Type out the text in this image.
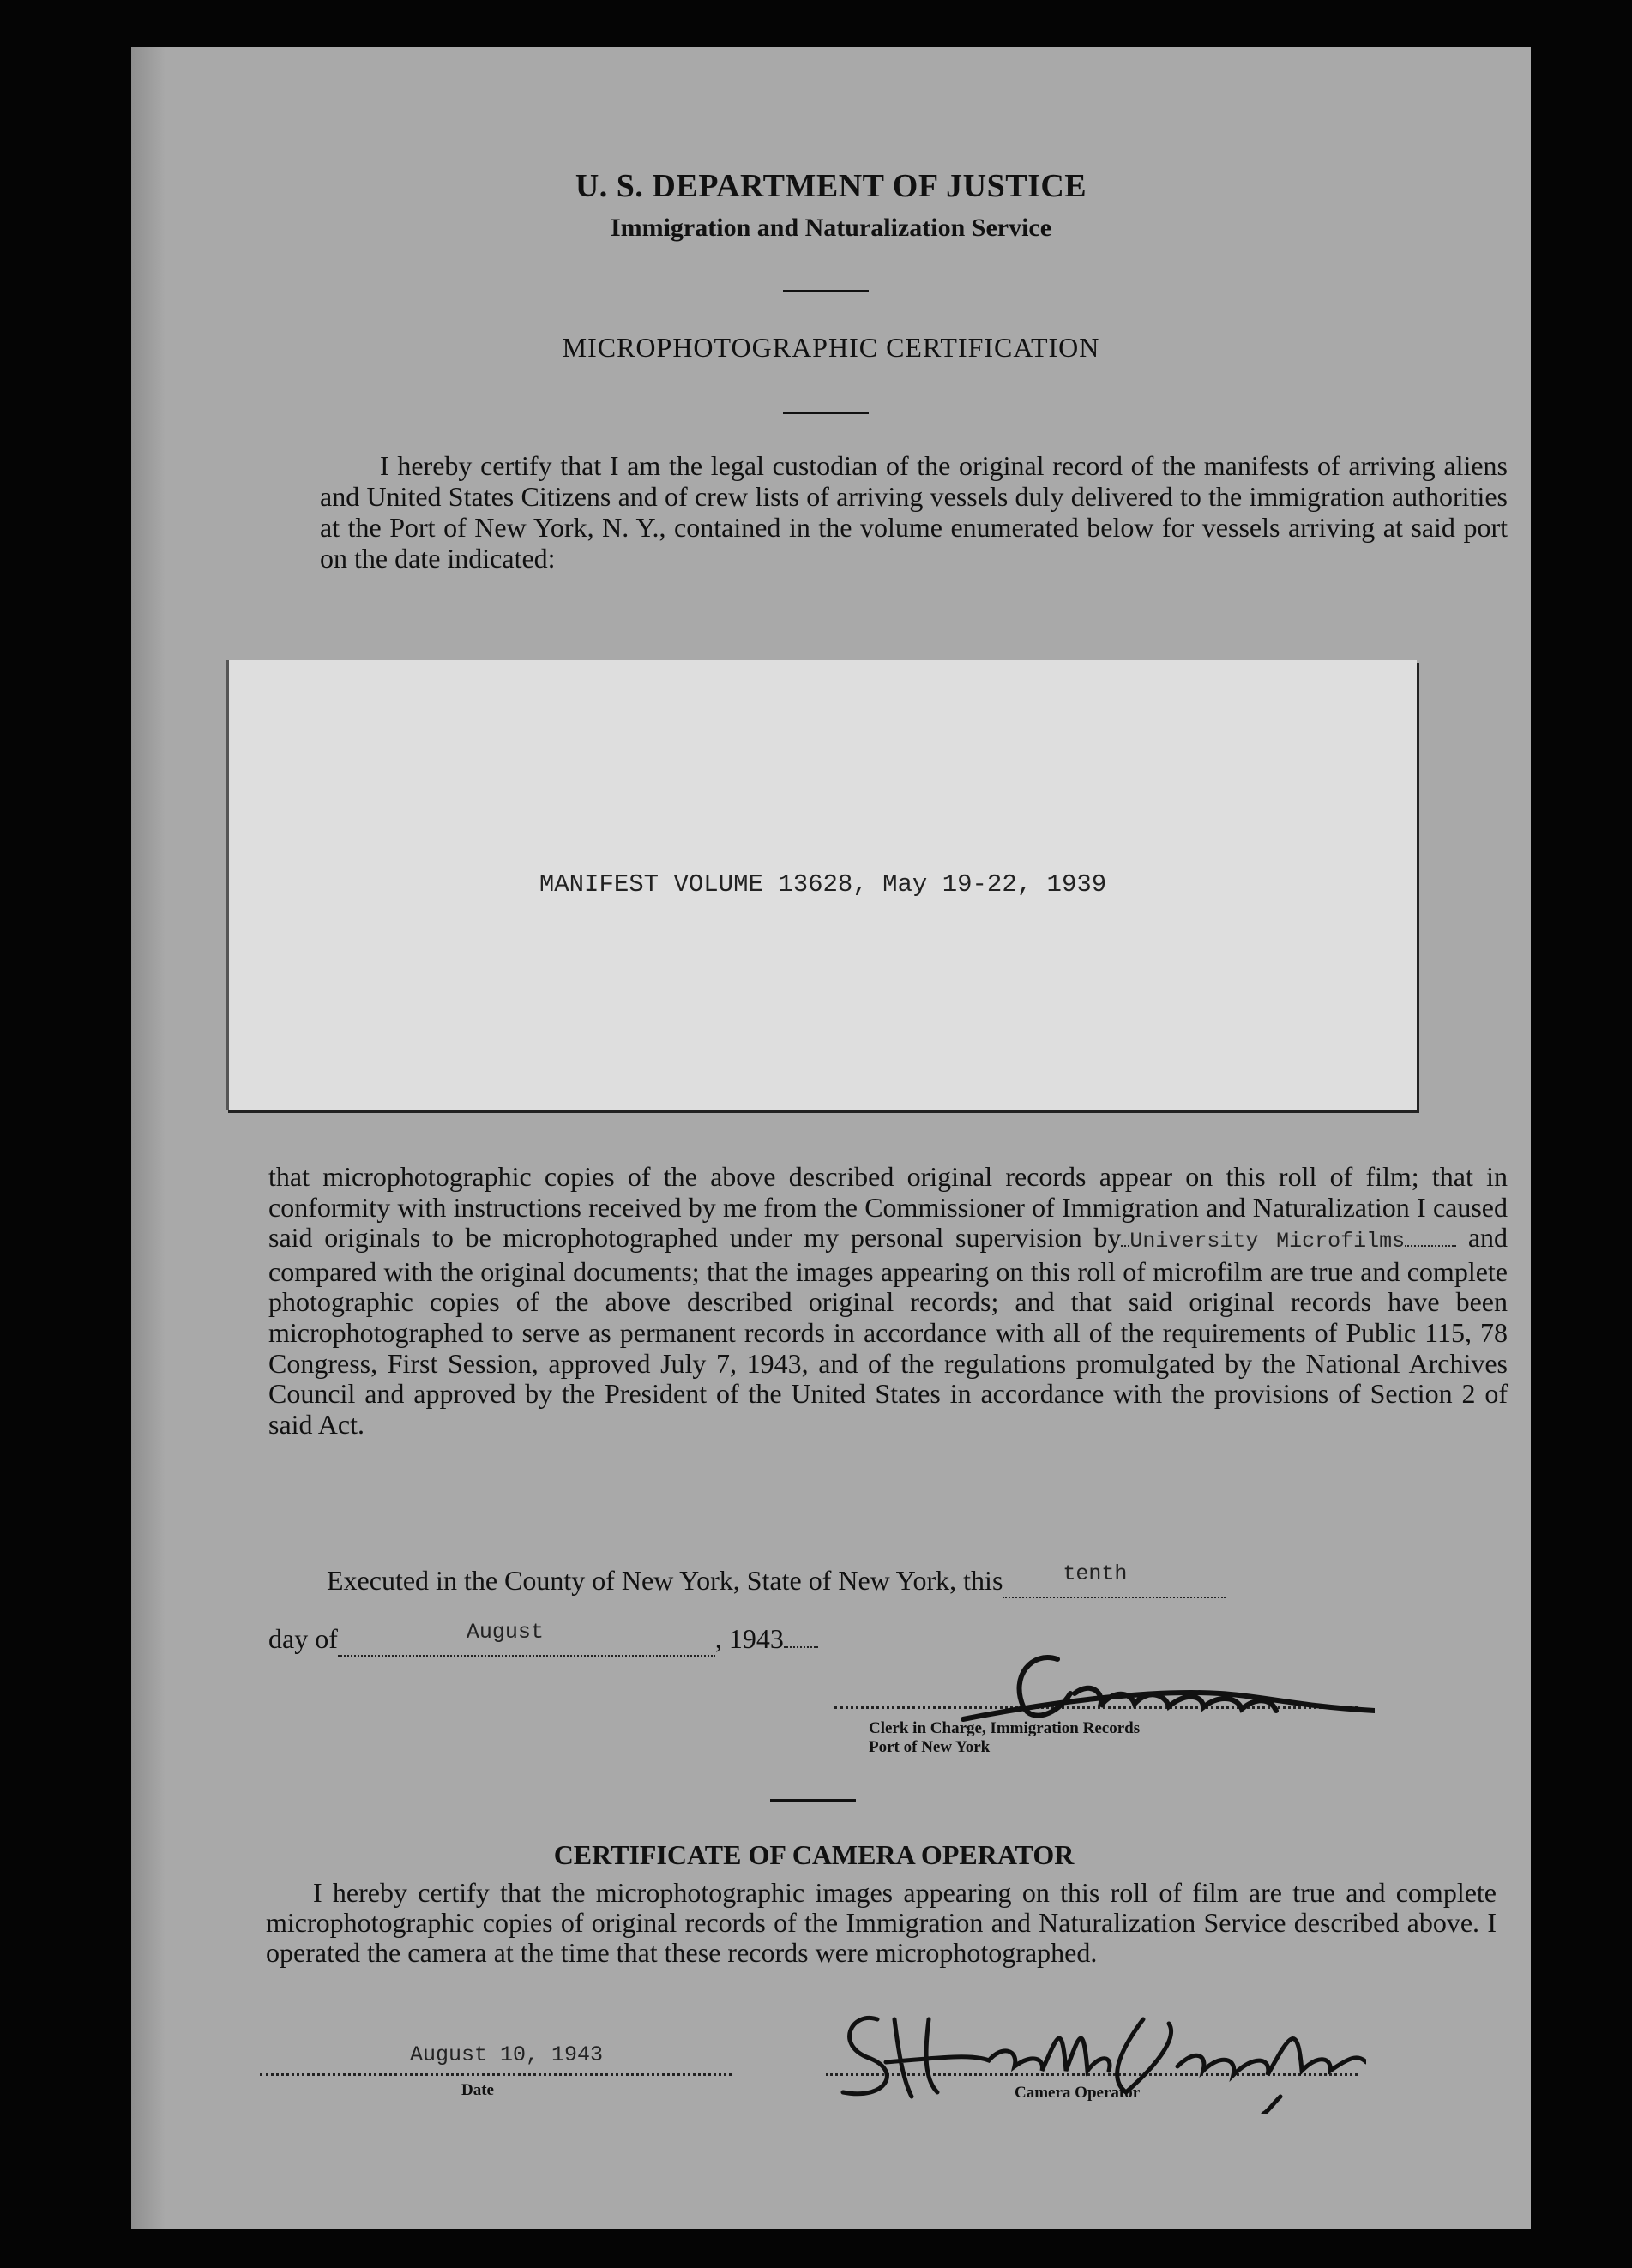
U. S. DEPARTMENT OF JUSTICE
Immigration and Naturalization Service
MICROPHOTOGRAPHIC CERTIFICATION
I hereby certify that I am the legal custodian of the original record of the manifests of arriving aliens and United States Citizens and of crew lists of arriving vessels duly delivered to the immigration authorities at the Port of New York, N. Y., contained in the volume enumerated below for vessels arriving at said port on the date indicated:
MANIFEST VOLUME 13628, May 19-22, 1939
that microphotographic copies of the above described original records appear on this roll of film; that in conformity with instructions received by me from the Commissioner of Immigration and Naturalization I caused said originals to be microphotographed under my personal supervision by University Microfilms and compared with the original documents; that the images appearing on this roll of microfilm are true and complete photographic copies of the above described original records; and that said original records have been microphotographed to serve as permanent records in accordance with all of the requirements of Public 115, 78 Congress, First Session, approved July 7, 1943, and of the regulations promulgated by the National Archives Council and approved by the President of the United States in accordance with the provisions of Section 2 of said Act.
Executed in the County of New York, State of New York, this	tenth

day of	August	, 1943
Clerk in Charge, Immigration Records
Port of New York
CERTIFICATE OF CAMERA OPERATOR
I hereby certify that the microphotographic images appearing on this roll of film are true and complete microphotographic copies of original records of the Immigration and Naturalization Service described above. I operated the camera at the time that these records were microphotographed.
August 10, 1943
Date	Camera Operator
